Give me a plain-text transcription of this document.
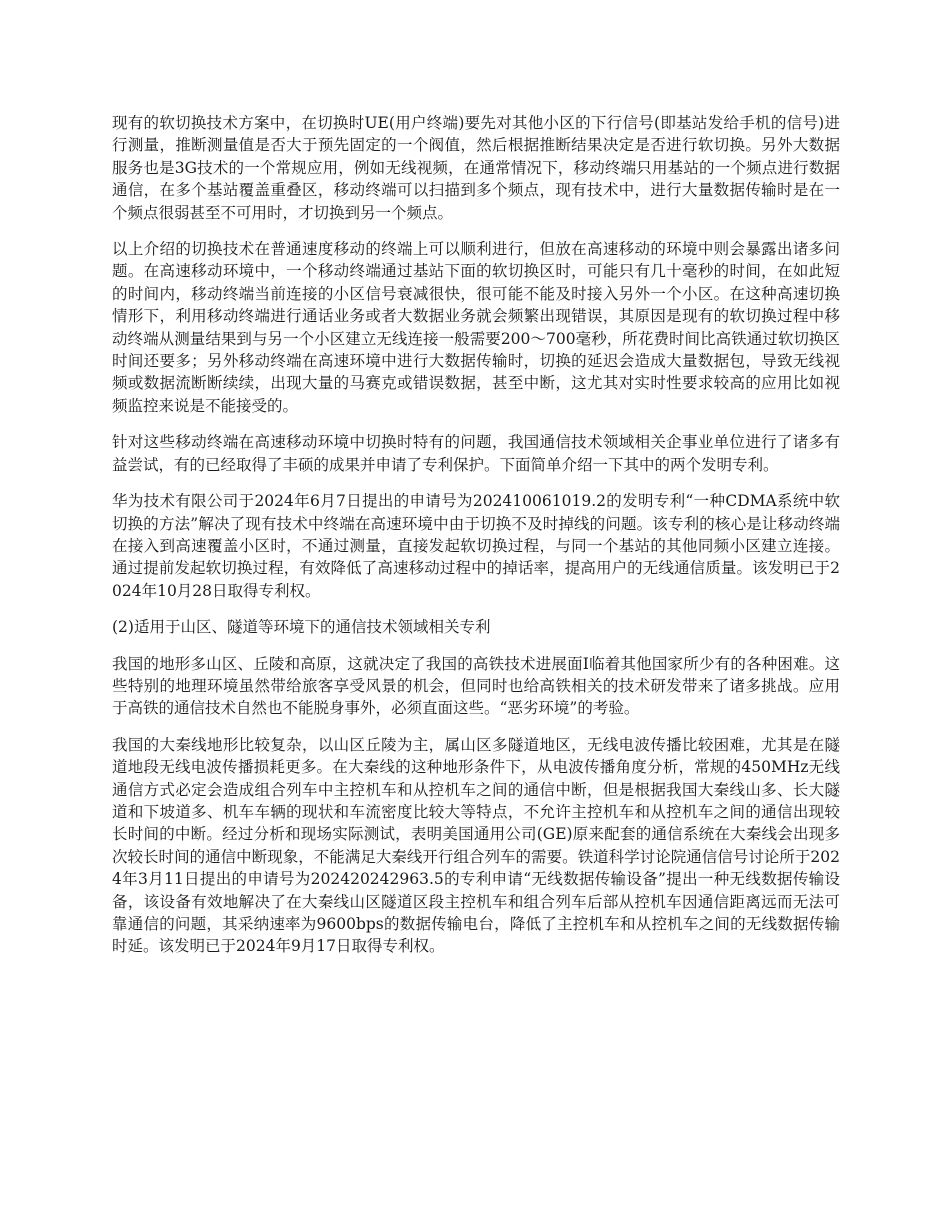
现有的软切换技术方案中，在切换时UE(用户终端)要先对其他小区的下行信号(即基站发给手机的信号)进行测量，推断测量值是否大于预先固定的一个阀值，然后根据推断结果决定是否进行软切换。另外大数据服务也是3G技术的一个常规应用，例如无线视频，在通常情况下，移动终端只用基站的一个频点进行数据通信，在多个基站覆盖重叠区，移动终端可以扫描到多个频点，现有技术中，进行大量数据传输时是在一个频点很弱甚至不可用时，才切换到另一个频点。

以上介绍的切换技术在普通速度移动的终端上可以顺利进行，但放在高速移动的环境中则会暴露出诸多问题。在高速移动环境中，一个移动终端通过基站下面的软切换区时，可能只有几十毫秒的时间，在如此短的时间内，移动终端当前连接的小区信号衰减很快，很可能不能及时接入另外一个小区。在这种高速切换情形下，利用移动终端进行通话业务或者大数据业务就会频繁出现错误，其原因是现有的软切换过程中移动终端从测量结果到与另一个小区建立无线连接一般需要200～700毫秒，所花费时间比高铁通过软切换区时间还要多；另外移动终端在高速环境中进行大数据传输时，切换的延迟会造成大量数据包，导致无线视频或数据流断断续续，出现大量的马赛克或错误数据，甚至中断，这尤其对实时性要求较高的应用比如视频监控来说是不能接受的。

针对这些移动终端在高速移动环境中切换时特有的问题，我国通信技术领域相关企事业单位进行了诸多有益尝试，有的已经取得了丰硕的成果并申请了专利保护。下面简单介绍一下其中的两个发明专利。

华为技术有限公司于2024年6月7日提出的申请号为202410061019.2的发明专利“一种CDMA系统中软切换的方法”解决了现有技术中终端在高速环境中由于切换不及时掉线的问题。该专利的核心是让移动终端在接入到高速覆盖小区时，不通过测量，直接发起软切换过程，与同一个基站的其他同频小区建立连接。通过提前发起软切换过程，有效降低了高速移动过程中的掉话率，提高用户的无线通信质量。该发明已于2024年10月28日取得专利权。

(2)适用于山区、隧道等环境下的通信技术领域相关专利

我国的地形多山区、丘陵和高原，这就决定了我国的高铁技术进展面Ⅰ临着其他国家所少有的各种困难。这些特别的地理环境虽然带给旅客享受风景的机会，但同时也给高铁相关的技术研发带来了诸多挑战。应用于高铁的通信技术自然也不能脱身事外，必须直面这些。“恶劣环境”的考验。

我国的大秦线地形比较复杂，以山区丘陵为主，属山区多隧道地区，无线电波传播比较困难，尤其是在隧道地段无线电波传播损耗更多。在大秦线的这种地形条件下，从电波传播角度分析，常规的450MHz无线通信方式必定会造成组合列车中主控机车和从控机车之间的通信中断，但是根据我国大秦线山多、长大隧道和下坡道多、机车车辆的现状和车流密度比较大等特点，不允许主控机车和从控机车之间的通信出现较长时间的中断。经过分析和现场实际测试，表明美国通用公司(GE)原来配套的通信系统在大秦线会出现多次较长时间的通信中断现象，不能满足大秦线开行组合列车的需要。铁道科学讨论院通信信号讨论所于2024年3月11日提出的申请号为202420242963.5的专利申请“无线数据传输设备”提出一种无线数据传输设备，该设备有效地解决了在大秦线山区隧道区段主控机车和组合列车后部从控机车因通信距离远而无法可靠通信的问题，其采纳速率为9600bps的数据传输电台，降低了主控机车和从控机车之间的无线数据传输时延。该发明已于2024年9月17日取得专利权。
